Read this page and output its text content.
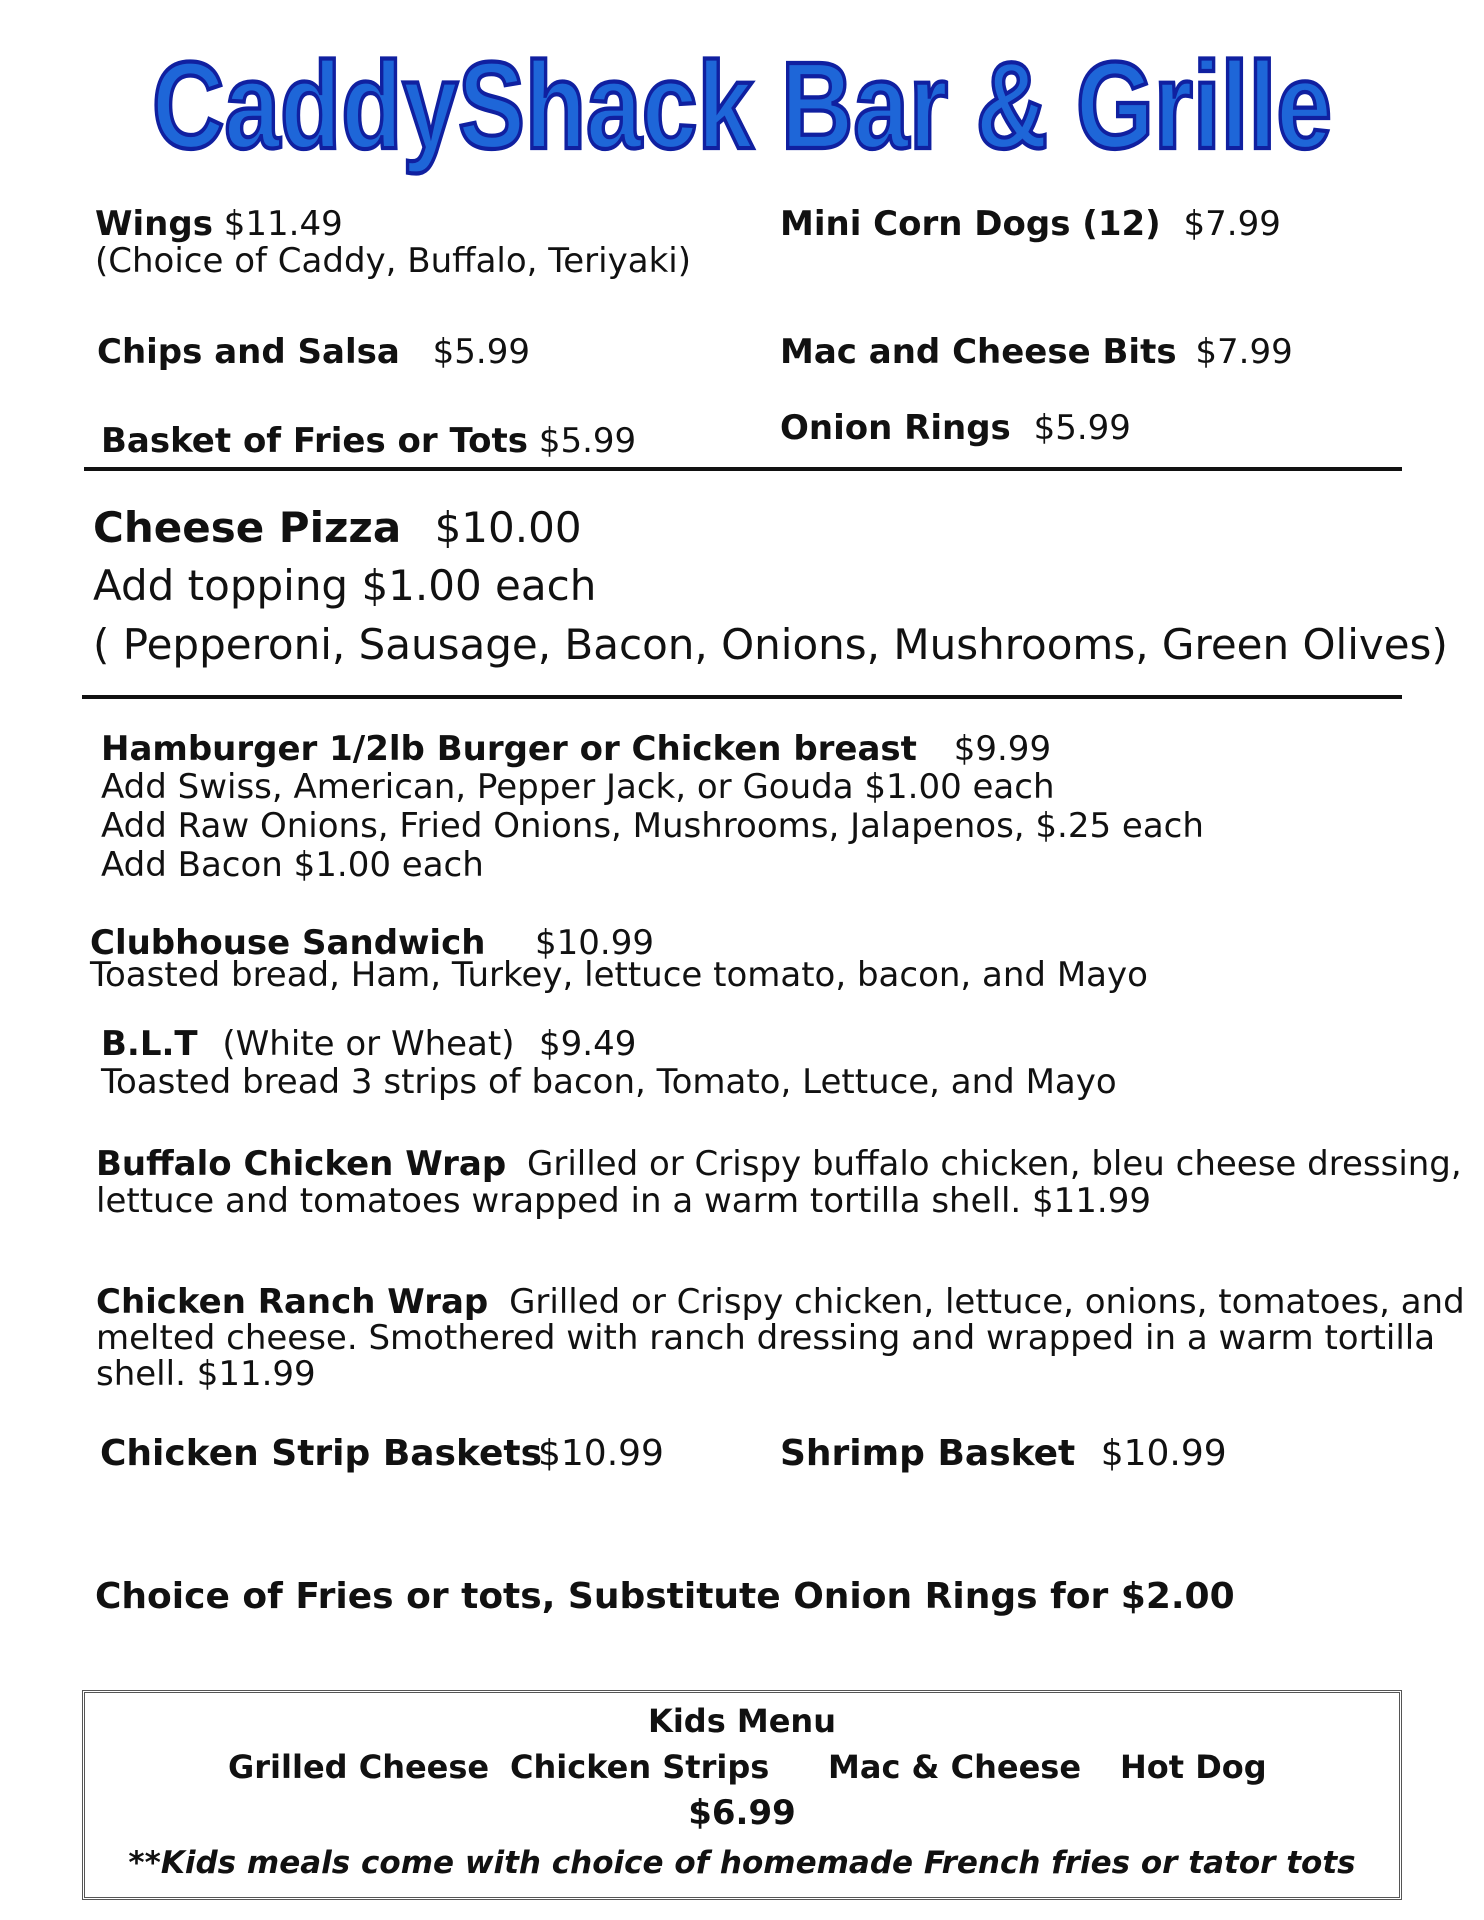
CaddyShack Bar & Grille
Wings $11.49
(Choice of Caddy, Buffalo, Teriyaki)
Chips and Salsa $5.99
Basket of Fries or Tots $5.99
Mini Corn Dogs (12) $7.99
Mac and Cheese Bits $7.99
Onion Rings $5.99
Cheese Pizza $10.00
Add topping $1.00 each
( Pepperoni, Sausage, Bacon, Onions, Mushrooms, Green Olives)
Hamburger 1/2lb Burger or Chicken breast $9.99
Add Swiss, American, Pepper Jack, or Gouda $1.00 each
Add Raw Onions, Fried Onions, Mushrooms, Jalapenos, $.25 each
Add Bacon $1.00 each
Clubhouse Sandwich $10.99
Toasted bread, Ham, Turkey, lettuce tomato, bacon, and Mayo
B.L.T (White or Wheat) $9.49
Toasted bread 3 strips of bacon, Tomato, Lettuce, and Mayo
Buffalo Chicken Wrap Grilled or Crispy buffalo chicken, bleu cheese dressing,
lettuce and tomatoes wrapped in a warm tortilla shell. $11.99
Chicken Ranch Wrap Grilled or Crispy chicken, lettuce, onions, tomatoes, and
melted cheese. Smothered with ranch dressing and wrapped in a warm tortilla
shell. $11.99
Chicken Strip Baskets
$10.99	Shrimp Basket $10.99
Choice of Fries or tots, Substitute Onion Rings for $2.00
Kids Menu
Grilled Cheese Chicken Strips Mac & Cheese Hot Dog
$6.99
**Kids meals come with choice of homemade French fries or tator tots
